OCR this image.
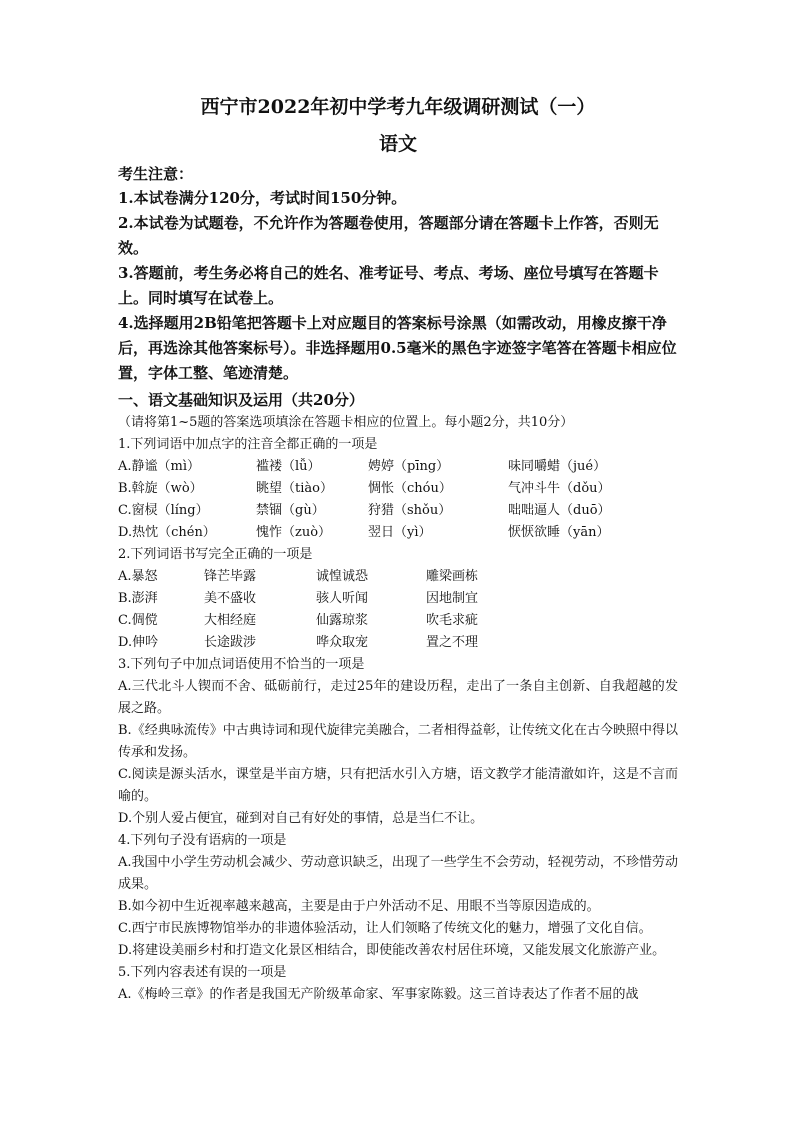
西宁市2022年初中学考九年级调研测试（一）
语文
考生注意：

1.本试卷满分120分，考试时间150分钟。

2.本试卷为试题卷，不允许作为答题卷使用，答题部分请在答题卡上作答，否则无效。

3.答题前，考生务必将自己的姓名、准考证号、考点、考场、座位号填写在答题卡上。同时填写在试卷上。

4.选择题用2B铅笔把答题卡上对应题目的答案标号涂黑（如需改动，用橡皮擦干净后，再选涂其他答案标号）。非选择题用0.5毫米的黑色字迹签字笔答在答题卡相应位置，字体工整、笔迹清楚。

一、语文基础知识及运用（共20分）
（请将第1~5题的答案选项填涂在答题卡相应的位置上。每小题2分，共10分）

1.下列词语中加点字的注音全都正确的一项是

A.静谧（mì）	褴褛（lǚ）	娉婷（pīng）	味同嚼蜡（jué）
B.斡旋（wò）	眺望（tiào）	惆怅（chóu）	气冲斗牛（dǒu）
C.窗棂（líng）	禁锢（gù）	狩猎（shǒu）	咄咄逼人（duō）
D.热忱（chén）	愧怍（zuò）	翌日（yì）	恹恹欲睡（yān）

2.下列词语书写完全正确的一项是

A.暴怒	锋芒毕露	诚惶诚恐	雕梁画栋
B.澎湃	美不盛收	骇人听闻	因地制宜
C.倜傥	大相经庭	仙露琼浆	吹毛求疵
D.伸吟	长途跋涉	哗众取宠	置之不理

3.下列句子中加点词语使用不恰当的一项是

A.三代北斗人锲而不舍、砥砺前行，走过25年的建设历程，走出了一条自主创新、自我超越的发展之路。

B.《经典咏流传》中古典诗词和现代旋律完美融合，二者相得益彰，让传统文化在古今映照中得以传承和发扬。

C.阅读是源头活水，课堂是半亩方塘，只有把活水引入方塘，语文教学才能清澈如许，这是不言而喻的。

D.个别人爱占便宜，碰到对自己有好处的事情，总是当仁不让。

4.下列句子没有语病的一项是

A.我国中小学生劳动机会减少、劳动意识缺乏，出现了一些学生不会劳动，轻视劳动，不珍惜劳动成果。

B.如今初中生近视率越来越高，主要是由于户外活动不足、用眼不当等原因造成的。

C.西宁市民族博物馆举办的非遗体验活动，让人们领略了传统文化的魅力，增强了文化自信。

D.将建设美丽乡村和打造文化景区相结合，即使能改善农村居住环境，又能发展文化旅游产业。

5.下列内容表述有误的一项是

A.《梅岭三章》的作者是我国无产阶级革命家、军事家陈毅。这三首诗表达了作者不屈的战
